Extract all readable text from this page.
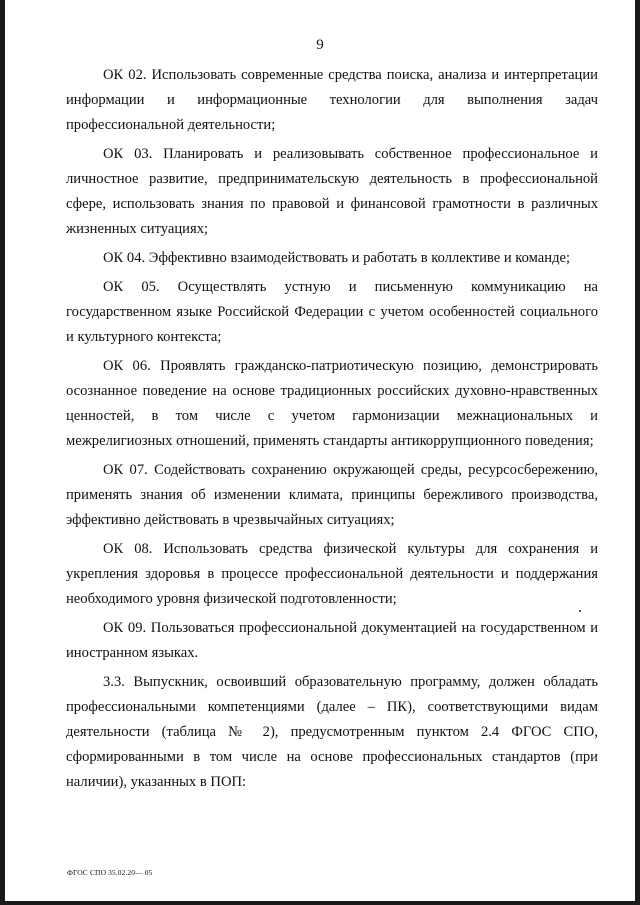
9

ОК 02. Использовать современные средства поиска, анализа и интерпретации информации и информационные технологии для выполнения задач профессиональной деятельности;

ОК 03. Планировать и реализовывать собственное профессиональное и личностное развитие, предпринимательскую деятельность в профессиональной сфере, использовать знания по правовой и финансовой грамотности в различных жизненных ситуациях;

ОК 04. Эффективно взаимодействовать и работать в коллективе и команде;

ОК 05. Осуществлять устную и письменную коммуникацию на государственном языке Российской Федерации с учетом особенностей социального и культурного контекста;

ОК 06. Проявлять гражданско-патриотическую позицию, демонстрировать осознанное поведение на основе традиционных российских духовно-нравственных ценностей, в том числе с учетом гармонизации межнациональных и межрелигиозных отношений, применять стандарты антикоррупционного поведения;

ОК 07. Содействовать сохранению окружающей среды, ресурсосбережению, применять знания об изменении климата, принципы бережливого производства, эффективно действовать в чрезвычайных ситуациях;

ОК 08. Использовать средства физической культуры для сохранения и укрепления здоровья в процессе профессиональной деятельности и поддержания необходимого уровня физической подготовленности;

ОК 09. Пользоваться профессиональной документацией на государственном и иностранном языках.

3.3. Выпускник, освоивший образовательную программу, должен обладать профессиональными компетенциями (далее – ПК), соответствующими видам деятельности (таблица № 2), предусмотренным пунктом 2.4 ФГОС СПО, сформированными в том числе на основе профессиональных стандартов (при наличии), указанных в ПОП:

ФГОС СПО 35.02.20— 05
